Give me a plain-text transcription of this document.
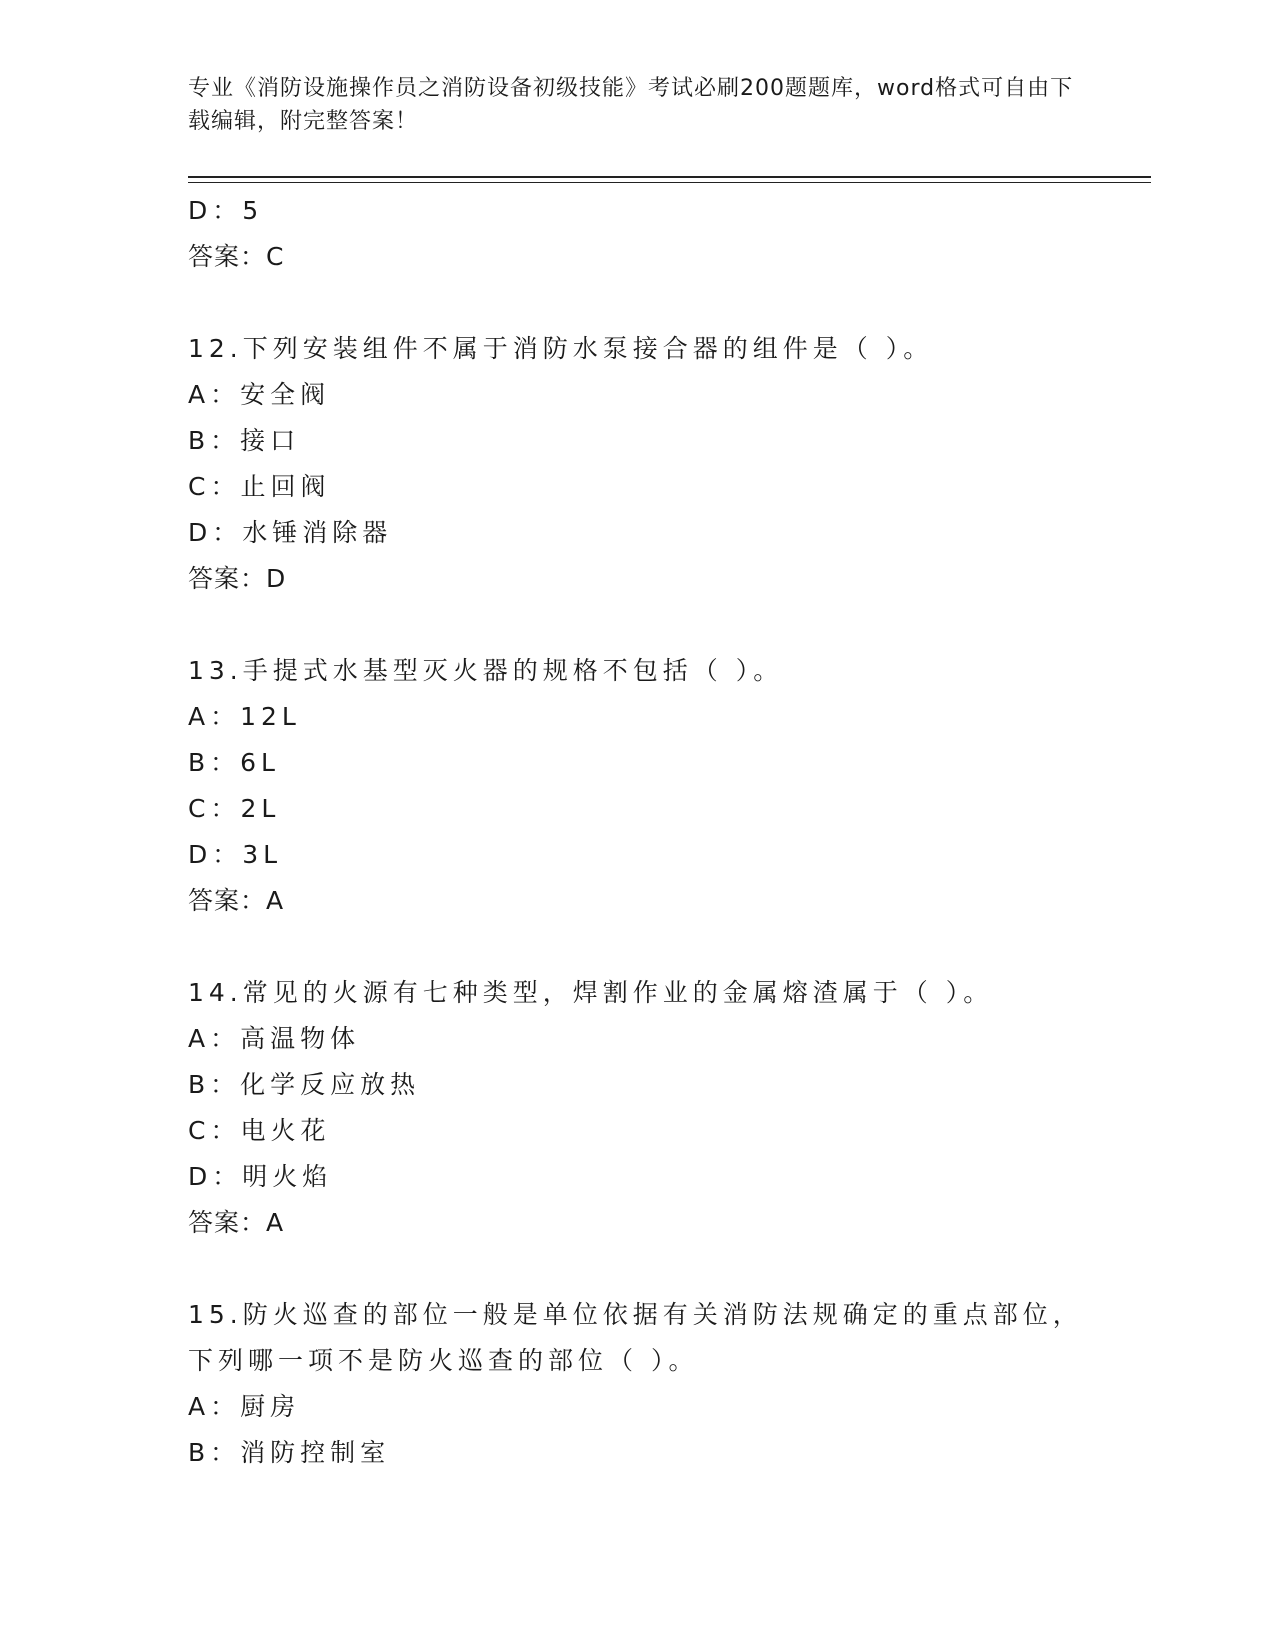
专业《消防设施操作员之消防设备初级技能》考试必刷200题题库，word格式可自由下载编辑，附完整答案！
D：5
答案：C
12.下列安装组件不属于消防水泵接合器的组件是（ ）。
A：安全阀
B：接口
C：止回阀
D：水锤消除器
答案：D
13.手提式水基型灭火器的规格不包括（ ）。
A：12L
B：6L
C：2L
D：3L
答案：A
14.常见的火源有七种类型，焊割作业的金属熔渣属于（ ）。
A：高温物体
B：化学反应放热
C：电火花
D：明火焰
答案：A
15.防火巡查的部位一般是单位依据有关消防法规确定的重点部位，下列哪一项不是防火巡查的部位（ ）。
A：厨房
B：消防控制室
